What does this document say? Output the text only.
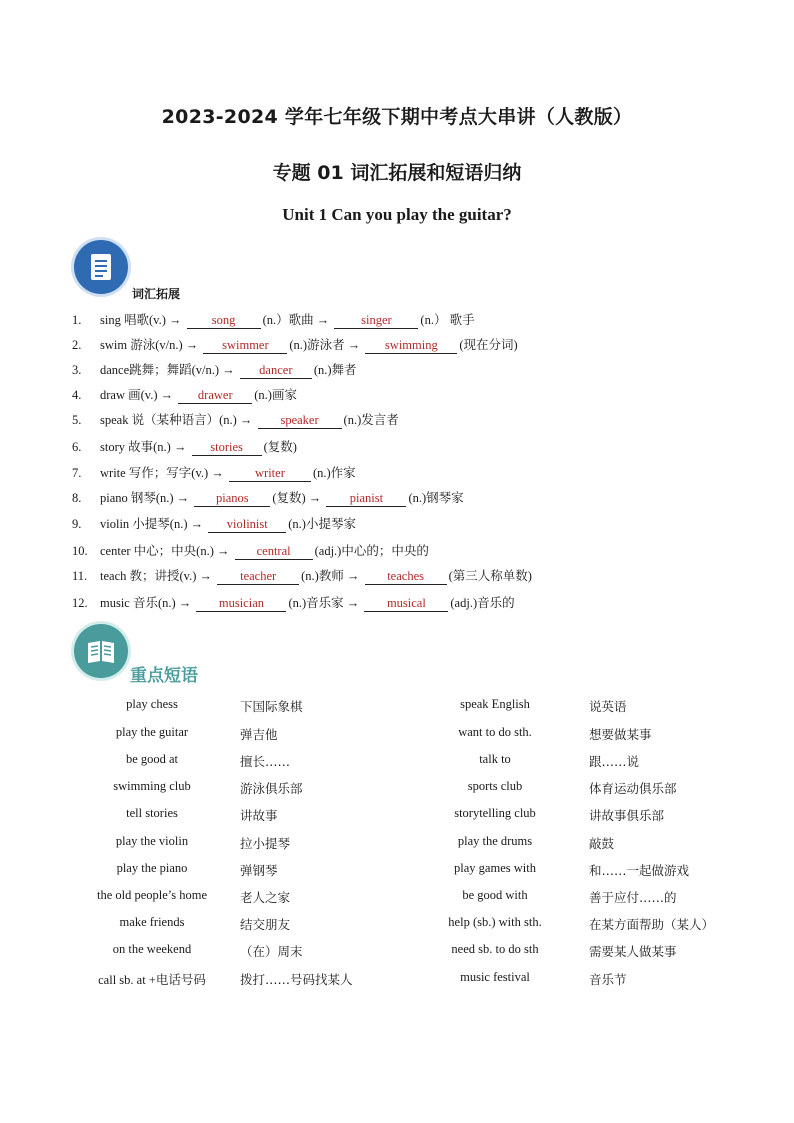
2023-2024 学年七年级下期中考点大串讲（人教版）
专题 01 词汇拓展和短语归纳
Unit 1 Can you play the guitar?
词汇拓展
1. sing 唱歌(v.) → song (n.）歌曲 → singer (n.） 歌手
2. swim 游泳(v/n.) → swimmer (n.)游泳者 → swimming (现在分词)
3. dance跳舞；舞蹈(v/n.) → dancer (n.)舞者
4. draw 画(v.) → drawer (n.)画家
5. speak 说（某种语言）(n.) → speaker (n.)发言者
6. story 故事(n.) → stories (复数)
7. write 写作；写字(v.) → writer (n.)作家
8. piano 钢琴(n.) → pianos (复数) → pianist (n.)钢琴家
9. violin 小提琴(n.) → violinist (n.)小提琴家
10. center 中心；中央(n.) → central (adj.)中心的；中央的
11. teach 教；讲授(v.) → teacher (n.)教师 → teaches (第三人称单数)
12. music 音乐(n.) → musician (n.)音乐家 → musical (adj.)音乐的
重点短语
play chess	下国际象棋	speak English	说英语
play the guitar	弹吉他	want to do sth.	想要做某事
be good at	擅长……	talk to	跟……说
swimming club	游泳俱乐部	sports club	体育运动俱乐部
tell stories	讲故事	storytelling club	讲故事俱乐部
play the violin	拉小提琴	play the drums	敲鼓
play the piano	弹钢琴	play games with	和……一起做游戏
the old people’s home	老人之家	be good with	善于应付……的
make friends	结交朋友	help (sb.) with sth.	在某方面帮助（某人）
on the weekend	（在）周末	need sb. to do sth	需要某人做某事
call sb. at +电话号码	拨打……号码找某人	music festival	音乐节
